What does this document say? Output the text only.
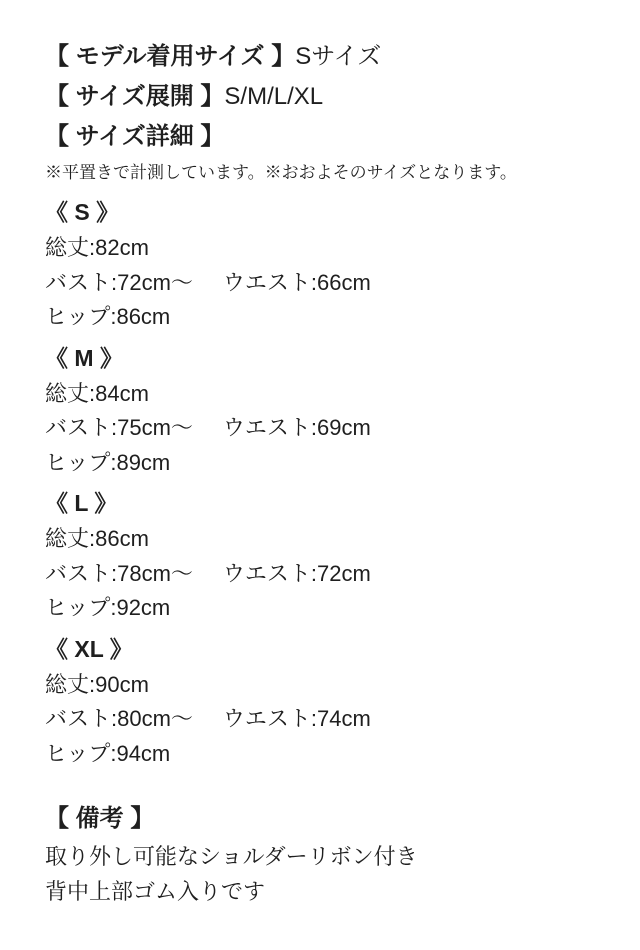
【 モデル着用サイズ 】Sサイズ
【 サイズ展開 】S/M/L/XL
【 サイズ詳細 】
※平置きで計測しています。※おおよそのサイズとなります。
《 S 》
総丈:82cm
バスト:72cm〜 ウエスト:66cm
ヒップ:86cm
《 M 》
総丈:84cm
バスト:75cm〜 ウエスト:69cm
ヒップ:89cm
《 L 》
総丈:86cm
バスト:78cm〜 ウエスト:72cm
ヒップ:92cm
《 XL 》
総丈:90cm
バスト:80cm〜 ウエスト:74cm
ヒップ:94cm
【 備考 】
取り外し可能なショルダーリボン付き
背中上部ゴム入りです
